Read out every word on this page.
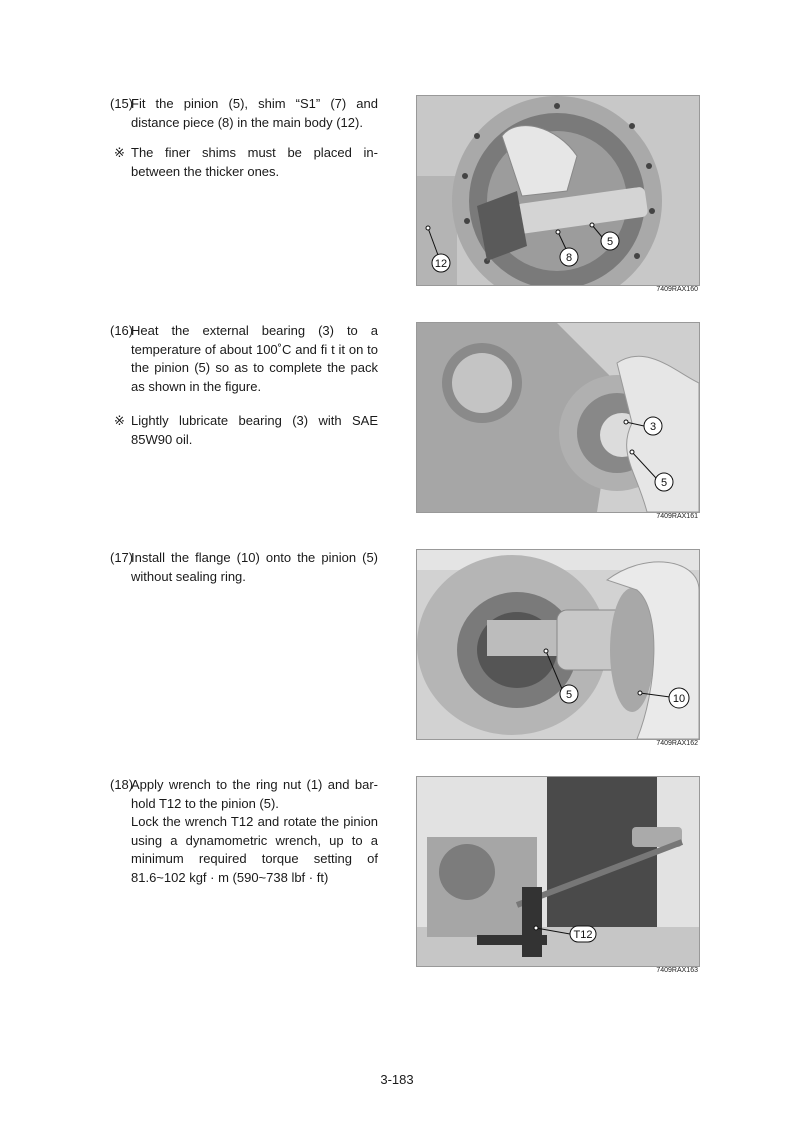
(15)

Fit the pinion (5), shim “S1” (7) and distance piece (8) in the main body (12).

※ The finer shims must be placed in-between the thicker ones.
12	8
5
7409RAX160
(16)

Heat the external bearing (3) to a temperature of about 100˚C and fi t it on to the pinion (5) so as to complete the pack as shown in the figure.

※ Lightly lubricate bearing (3) with SAE 85W90 oil.
3
5
7409RAX161
(17)

Install the flange (10) onto the pinion (5) without sealing ring.

5	10
7409RAX162
(18)

Apply wrench to the ring nut (1) and bar-hold T12 to the pinion (5).

Lock the wrench T12 and rotate the pinion using a dynamometric wrench, up to a minimum required torque setting of 81.6~102 kgf · m (590~738 lbf · ft)

T12
7409RAX163
3-183
